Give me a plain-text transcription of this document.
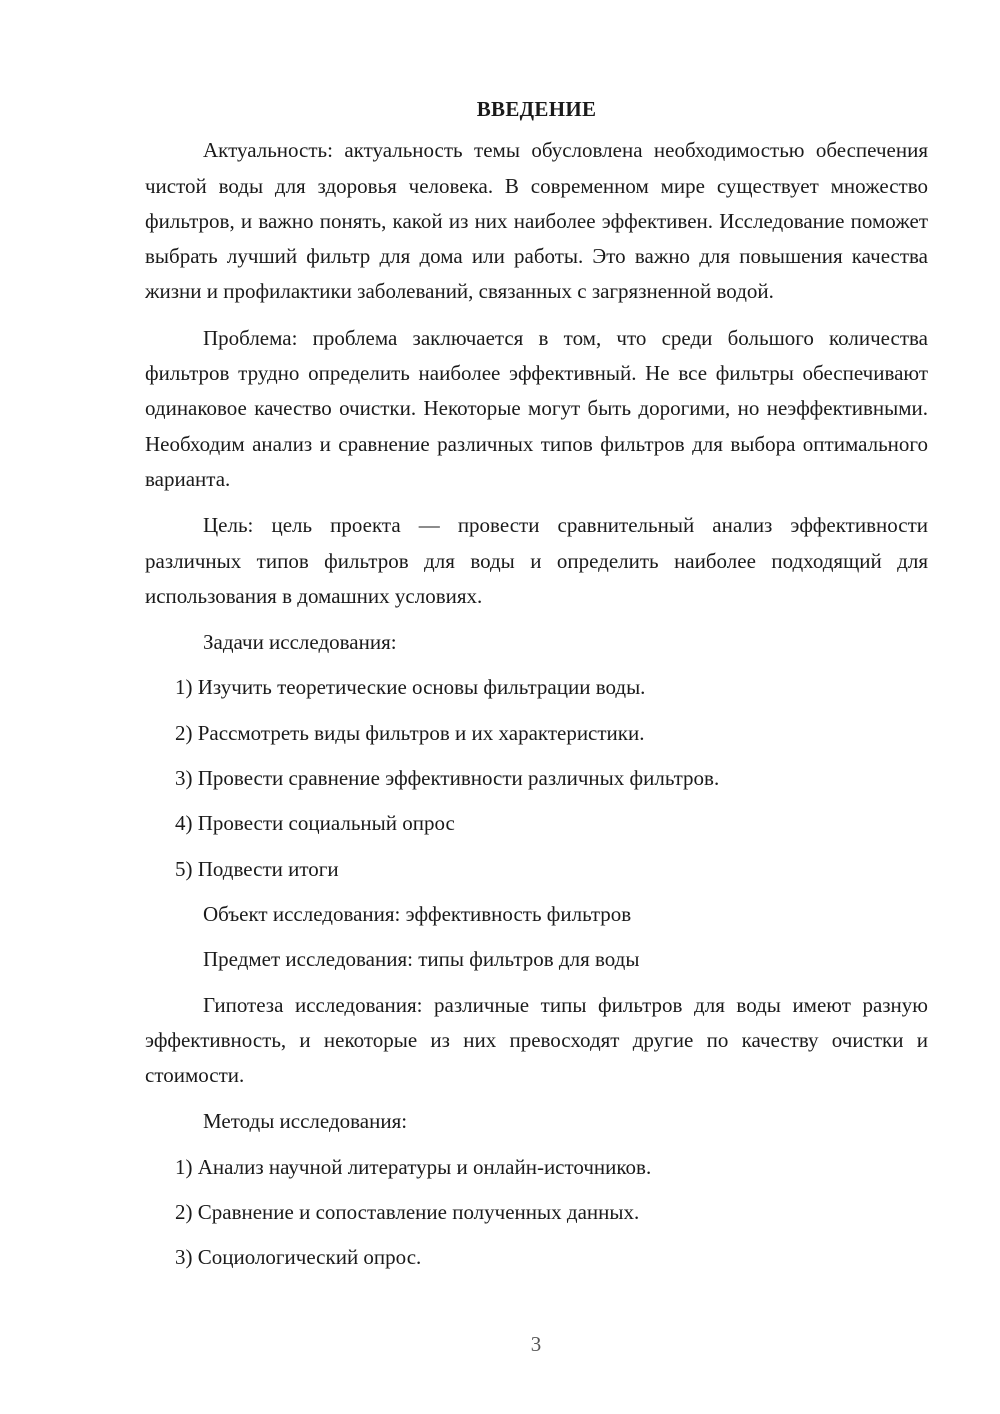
ВВЕДЕНИЕ

Актуальность: актуальность темы обусловлена необходимостью обеспечения чистой воды для здоровья человека. В современном мире существует множество фильтров, и важно понять, какой из них наиболее эффективен. Исследование поможет выбрать лучший фильтр для дома или работы. Это важно для повышения качества жизни и профилактики заболеваний, связанных с загрязненной водой.

Проблема: проблема заключается в том, что среди большого количества фильтров трудно определить наиболее эффективный. Не все фильтры обеспечивают одинаковое качество очистки. Некоторые могут быть дорогими, но неэффективными. Необходим анализ и сравнение различных типов фильтров для выбора оптимального варианта.

Цель: цель проекта — провести сравнительный анализ эффективности различных типов фильтров для воды и определить наиболее подходящий для использования в домашних условиях.

Задачи исследования:

1) Изучить теоретические основы фильтрации воды.
2) Рассмотреть виды фильтров и их характеристики.
3) Провести сравнение эффективности различных фильтров.
4) Провести социальный опрос
5) Подвести итоги

Объект исследования: эффективность фильтров

Предмет исследования: типы фильтров для воды

Гипотеза исследования: различные типы фильтров для воды имеют разную эффективность, и некоторые из них превосходят другие по качеству очистки и стоимости.

Методы исследования:

1) Анализ научной литературы и онлайн-источников.
2) Сравнение и сопоставление полученных данных.
3) Социологический опрос.
3
